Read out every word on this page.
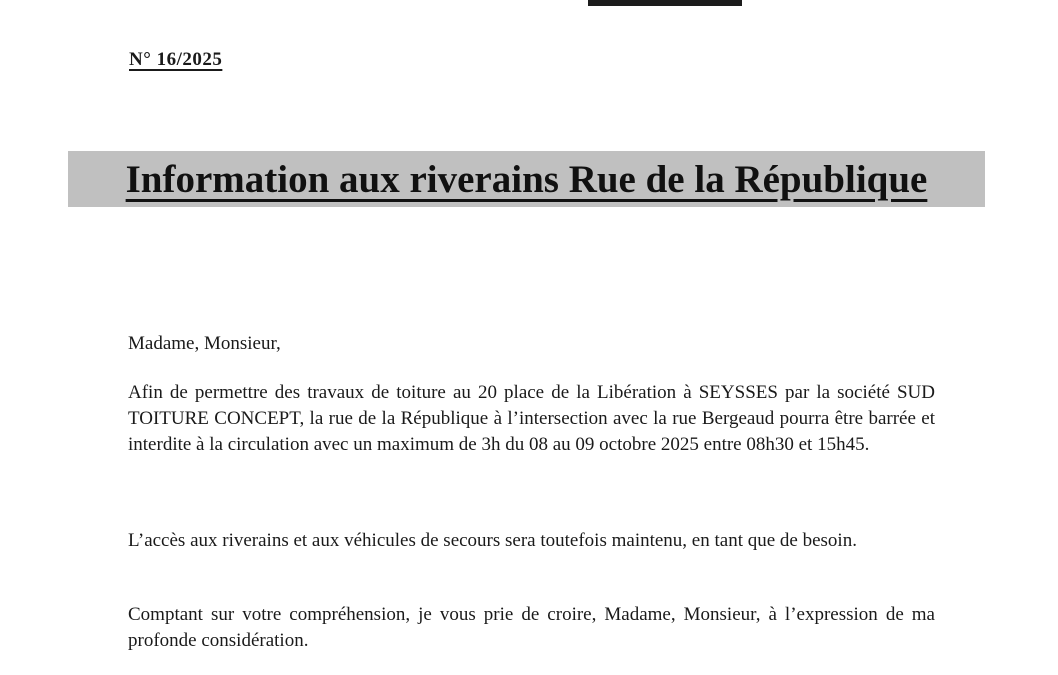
N° 16/2025
Information aux riverains Rue de la République

Madame, Monsieur,

Afin de permettre des travaux de toiture au 20 place de la Libération à SEYSSES par la société SUD TOITURE CONCEPT, la rue de la République à l’intersection avec la rue Bergeaud pourra être barrée et interdite à la circulation avec un maximum de 3h du 08 au 09 octobre 2025 entre 08h30 et 15h45.

L’accès aux riverains et aux véhicules de secours sera toutefois maintenu, en tant que de besoin.

Comptant sur votre compréhension, je vous prie de croire, Madame, Monsieur, à l’expression de ma profonde considération.
